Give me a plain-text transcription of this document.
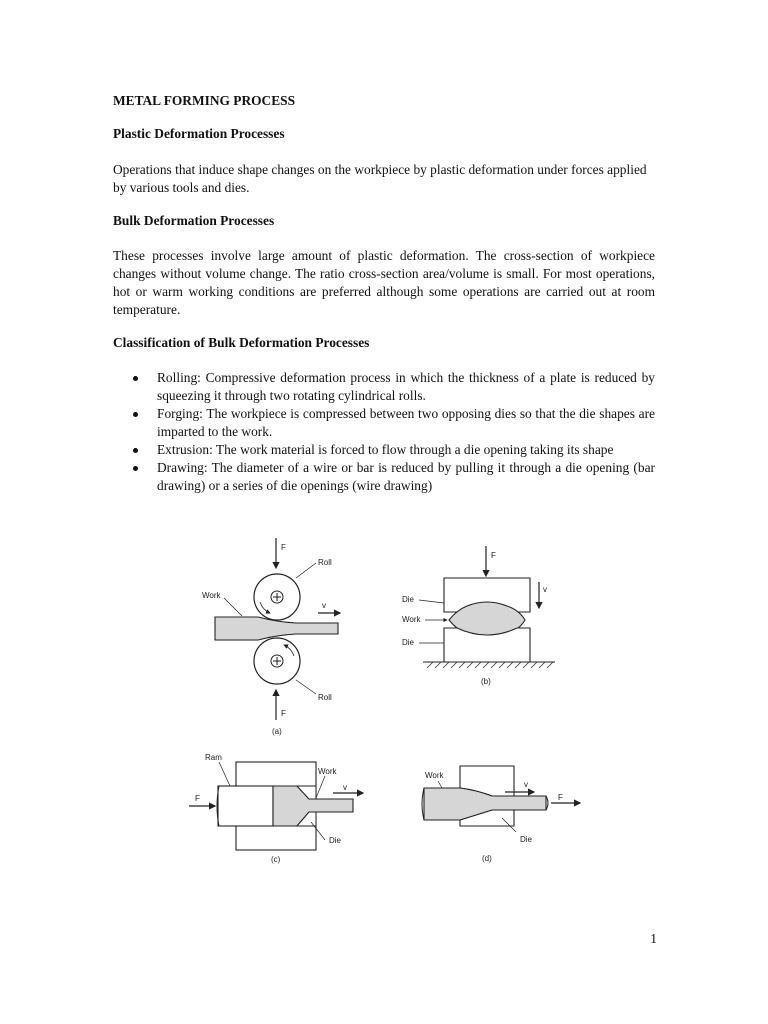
METAL FORMING PROCESS

Plastic Deformation Processes

Operations that induce shape changes on the workpiece by plastic deformation under forces applied by various tools and dies.

Bulk Deformation Processes

These processes involve large amount of plastic deformation. The cross-section of workpiece changes without volume change. The ratio cross-section area/volume is small. For most operations, hot or warm working conditions are preferred although some operations are carried out at room temperature.

Classification of Bulk Deformation Processes

Rolling: Compressive deformation process in which the thickness of a plate is reduced by squeezing it through two rotating cylindrical rolls.
Forging: The workpiece is compressed between two opposing dies so that the die shapes are imparted to the work.
Extrusion: The work material is forced to flow through a die opening taking its shape
Drawing: The diameter of a wire or bar is reduced by pulling it through a die opening (bar drawing) or a series of die openings (wire drawing)
F
Roll
Work
v
Roll
F
(a)
F
v
Die
Work
Die
(b)
Ram
Work
F
v
Die
(c)
Work
v
F
Die
(d)
1
